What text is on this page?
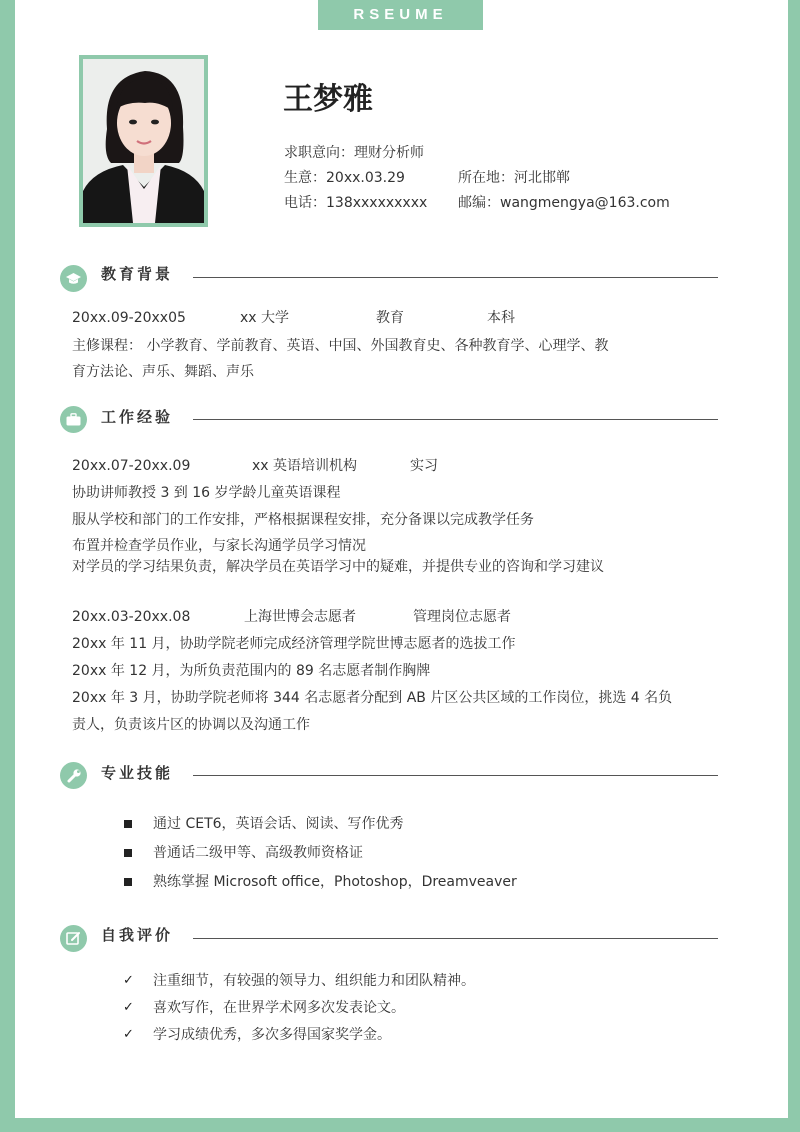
RSEUME
王梦雅
求职意向：理财分析师
生意：20xx.03.29	所在地：河北邯郸
电话：138xxxxxxxxx 邮编：wangmengya@163.com
教育背景
20xx.09-20xx05	xx 大学	教育	本科
主修课程： 小学教育、学前教育、英语、中国、外国教育史、各种教育学、心理学、教
育方法论、声乐、舞蹈、声乐
工作经验
20xx.07-20xx.09	xx 英语培训机构	实习
协助讲师教授 3 到 16 岁学龄儿童英语课程
服从学校和部门的工作安排，严格根据课程安排，充分备课以完成教学任务
布置并检查学员作业，与家长沟通学员学习情况
对学员的学习结果负责，解决学员在英语学习中的疑难，并提供专业的咨询和学习建议
20xx.03-20xx.08	上海世博会志愿者	管理岗位志愿者
20xx 年 11 月，协助学院老师完成经济管理学院世博志愿者的选拔工作
20xx 年 12 月，为所负责范围内的 89 名志愿者制作胸牌
20xx 年 3 月，协助学院老师将 344 名志愿者分配到 AB 片区公共区域的工作岗位，挑选 4 名负
责人，负责该片区的协调以及沟通工作
专业技能
通过 CET6，英语会话、阅读、写作优秀
普通话二级甲等、高级教师资格证
熟练掌握 Microsoft office，Photoshop，Dreamveaver
自我评价
✓ 注重细节，有较强的领导力、组织能力和团队精神。
✓ 喜欢写作，在世界学术网多次发表论文。
✓ 学习成绩优秀，多次多得国家奖学金。
